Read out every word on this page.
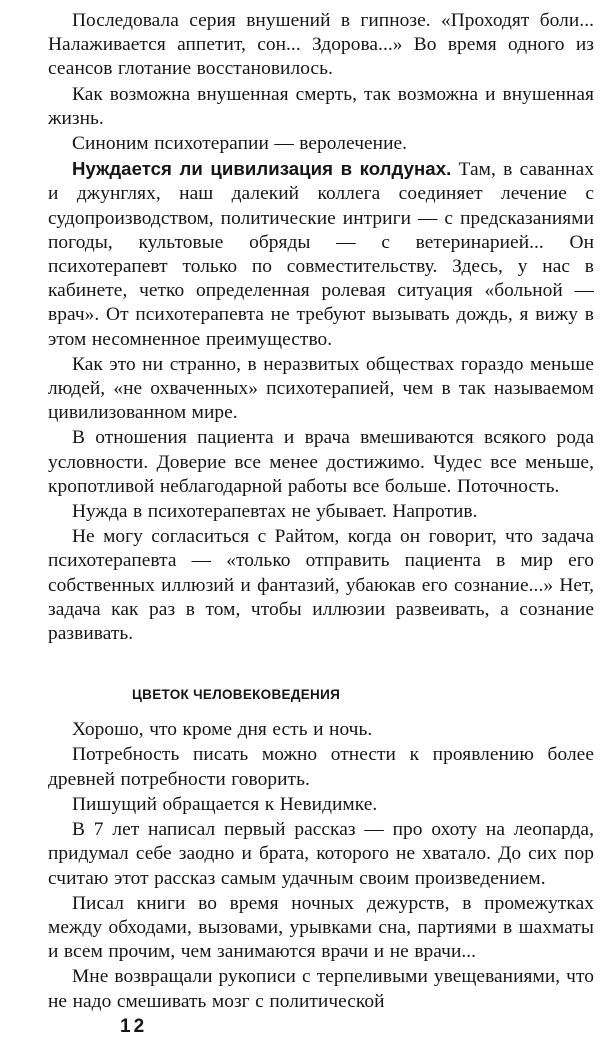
Последовала серия внушений в гипнозе. «Проходят боли... Налаживается аппетит, сон... Здорова...» Во время одного из сеансов глотание восстановилось.

Как возможна внушенная смерть, так возможна и внушенная жизнь.

Синоним психотерапии — веролечение.

Нуждается ли цивилизация в колдунах. Там, в саваннах и джунглях, наш далекий коллега соединяет лечение с судопроизводством, политические интриги — с предсказаниями погоды, культовые обряды — с ветеринарией... Он психотерапевт только по совместительству. Здесь, у нас в кабинете, четко определенная ролевая ситуация «больной — врач». От психотерапевта не требуют вызывать дождь, я вижу в этом несомненное преимущество.

Как это ни странно, в неразвитых обществах гораздо меньше людей, «не охваченных» психотерапией, чем в так называемом цивилизованном мире.

В отношения пациента и врача вмешиваются всякого рода условности. Доверие все менее достижимо. Чудес все меньше, кропотливой неблагодарной работы все больше. Поточность.

Нужда в психотерапевтах не убывает. Напротив.

Не могу согласиться с Райтом, когда он говорит, что задача психотерапевта — «только отправить пациента в мир его собственных иллюзий и фантазий, убаюкав его сознание...» Нет, задача как раз в том, чтобы иллюзии развеивать, а сознание развивать.

ЦВЕТОК ЧЕЛОВЕКОВЕДЕНИЯ

Хорошо, что кроме дня есть и ночь.

Потребность писать можно отнести к проявлению более древней потребности говорить.

Пишущий обращается к Невидимке.

В 7 лет написал первый рассказ — про охоту на леопарда, придумал себе заодно и брата, которого не хватало. До сих пор считаю этот рассказ самым удачным своим произведением.

Писал книги во время ночных дежурств, в промежутках между обходами, вызовами, урывками сна, партиями в шахматы и всем прочим, чем занимаются врачи и не врачи...

Мне возвращали рукописи с терпеливыми увещеваниями, что не надо смешивать мозг с политической

12
